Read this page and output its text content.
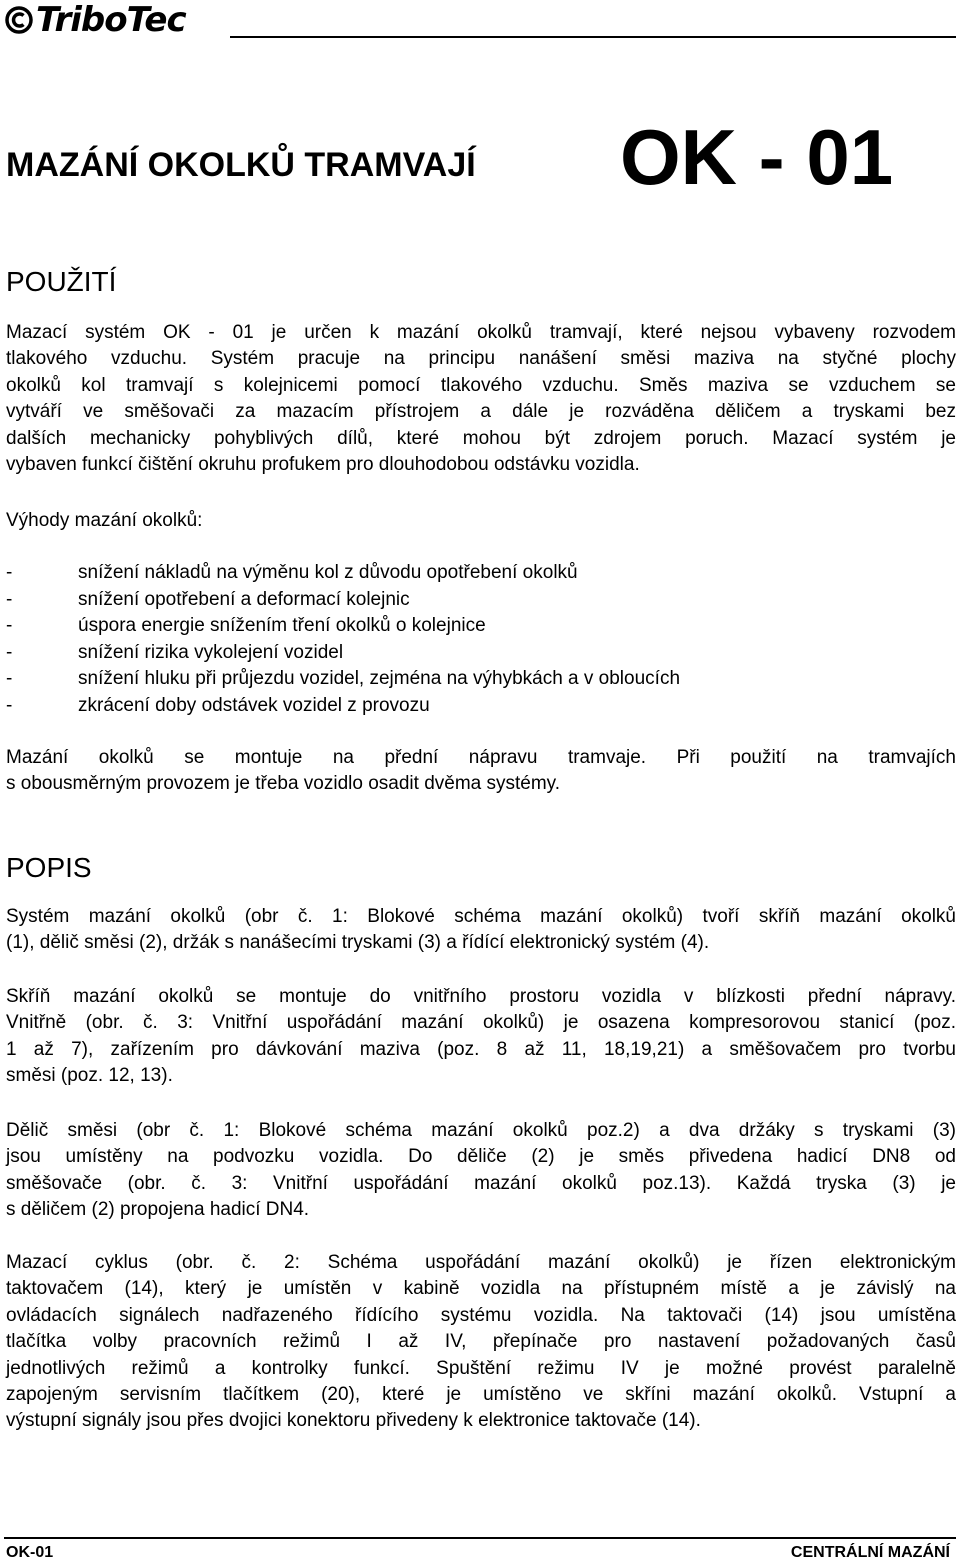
TriboTec
MAZÁNÍ OKOLKŮ TRAMVAJÍ OK - 01
POUŽITÍ
Mazací systém OK - 01 je určen k mazání okolků tramvají, které nejsou vybaveny rozvodem
tlakového vzduchu. Systém pracuje na principu nanášení směsi maziva na styčné plochy
okolků kol tramvají s kolejnicemi pomocí tlakového vzduchu. Směs maziva se vzduchem se
vytváří ve směšovači za mazacím přístrojem a dále je rozváděna děličem a tryskami bez
dalších mechanicky pohyblivých dílů, které mohou být zdrojem poruch. Mazací systém je
vybaven funkcí čištění okruhu profukem pro dlouhodobou odstávku vozidla.
Výhody mazání okolků:
-	snížení nákladů na výměnu kol z důvodu opotřebení okolků
-	snížení opotřebení a deformací kolejnic
-	úspora energie snížením tření okolků o kolejnice
-	snížení rizika vykolejení vozidel
-	snížení hluku při průjezdu vozidel, zejména na výhybkách a v obloucích
-	zkrácení doby odstávek vozidel z provozu
Mazání okolků se montuje na přední nápravu tramvaje. Při použití na tramvajích
s obousměrným provozem je třeba vozidlo osadit dvěma systémy.
POPIS
Systém mazání okolků (obr č. 1: Blokové schéma mazání okolků) tvoří skříň mazání okolků
(1), dělič směsi (2), držák s nanášecími tryskami (3) a řídící elektronický systém (4).
Skříň mazání okolků se montuje do vnitřního prostoru vozidla v blízkosti přední nápravy.
Vnitřně (obr. č. 3: Vnitřní uspořádání mazání okolků) je osazena kompresorovou stanicí (poz.
1 až 7), zařízením pro dávkování maziva (poz. 8 až 11, 18,19,21) a směšovačem pro tvorbu
směsi (poz. 12, 13).
Dělič směsi (obr č. 1: Blokové schéma mazání okolků poz.2) a dva držáky s tryskami (3)
jsou umístěny na podvozku vozidla. Do děliče (2) je směs přivedena hadicí DN8 od
směšovače (obr. č. 3: Vnitřní uspořádání mazání okolků poz.13). Každá tryska (3) je
s děličem (2) propojena hadicí DN4.
Mazací cyklus (obr. č. 2: Schéma uspořádání mazání okolků) je řízen elektronickým
taktovačem (14), který je umístěn v kabině vozidla na přístupném místě a je závislý na
ovládacích signálech nadřazeného řídícího systému vozidla. Na taktovači (14) jsou umístěna
tlačítka volby pracovních režimů I až IV, přepínače pro nastavení požadovaných časů
jednotlivých režimů a kontrolky funkcí. Spuštění režimu IV je možné provést paralelně
zapojeným servisním tlačítkem (20), které je umístěno ve skříni mazání okolků. Vstupní a
výstupní signály jsou přes dvojici konektoru přivedeny k elektronice taktovače (14).
OK-01	CENTRÁLNÍ MAZÁNÍ
